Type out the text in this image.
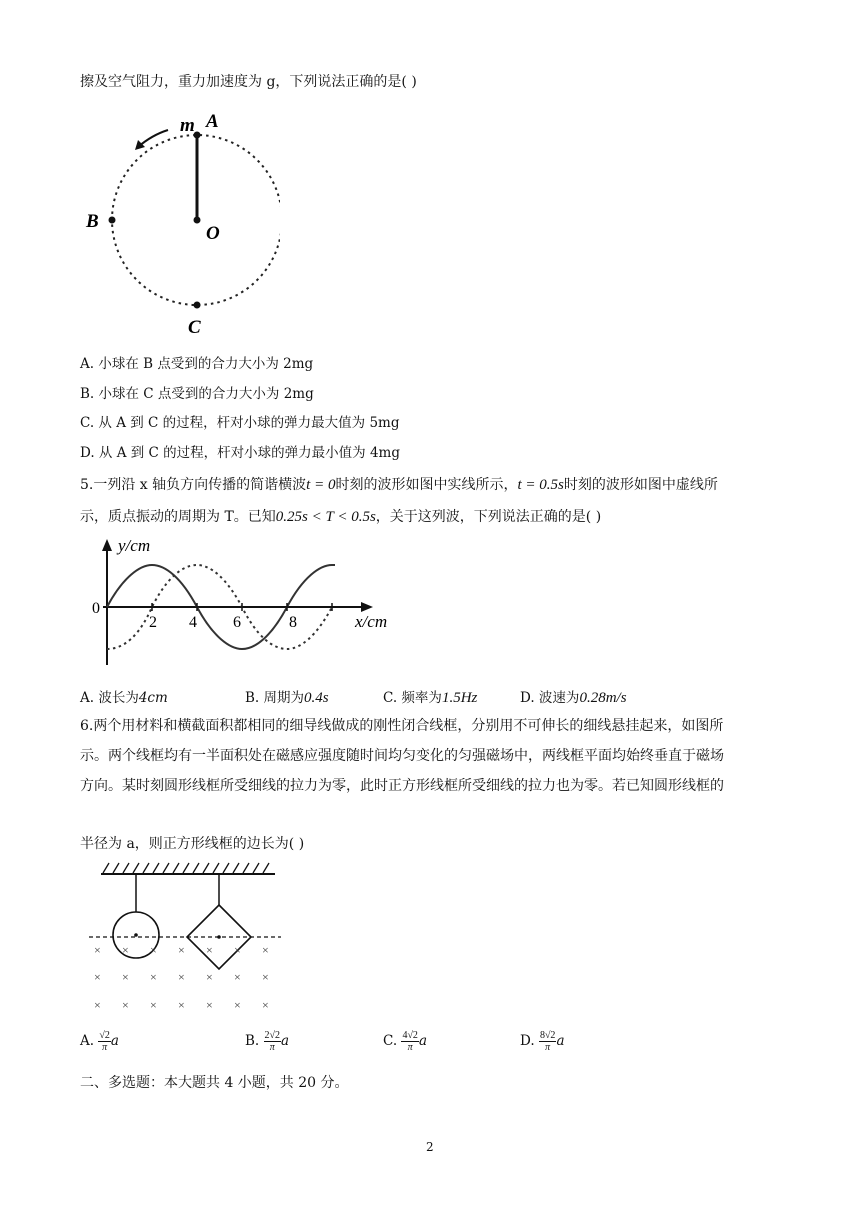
擦及空气阻力，重力加速度为 g，下列说法正确的是( )
m A
B
O
C
A. 小球在 B 点受到的合力大小为 2mg
B. 小球在 C 点受到的合力大小为 2mg
C. 从 A 到 C 的过程，杆对小球的弹力最大值为 5mg
D. 从 A 到 C 的过程，杆对小球的弹力最小值为 4mg
5.一列沿 x 轴负方向传播的简谐横波t = 0时刻的波形如图中实线所示，t = 0.5s时刻的波形如图中虚线所
示，质点振动的周期为 T。已知0.25s < T < 0.5s，关于这列波，下列说法正确的是( )
y/cm
x/cm
0
2 4 6	8
A. 波长为4cm	B. 周期为0.4s	C. 频率为1.5Hz	D. 波速为0.28m/s
6.两个用材料和横截面积都相同的细导线做成的刚性闭合线框，分别用不可伸长的细线悬挂起来，如图所
示。两个线框均有一半面积处在磁感应强度随时间均匀变化的匀强磁场中，两线框平面均始终垂直于磁场
方向。某时刻圆形线框所受细线的拉力为零，此时正方形线框所受细线的拉力也为零。若已知圆形线框的
半径为 a，则正方形线框的边长为( )
× × × × × × ×
× × × × × × ×
× × × × × × ×
A. $\frac{√2}{\pi}$ a	B. $\frac{2√2}{\pi}$ a	C. $\frac{4√2}{\pi}$ a	D. $\frac{8√2}{\pi}$ a
二、多选题：本大题共 4 小题，共 20 分。
2
